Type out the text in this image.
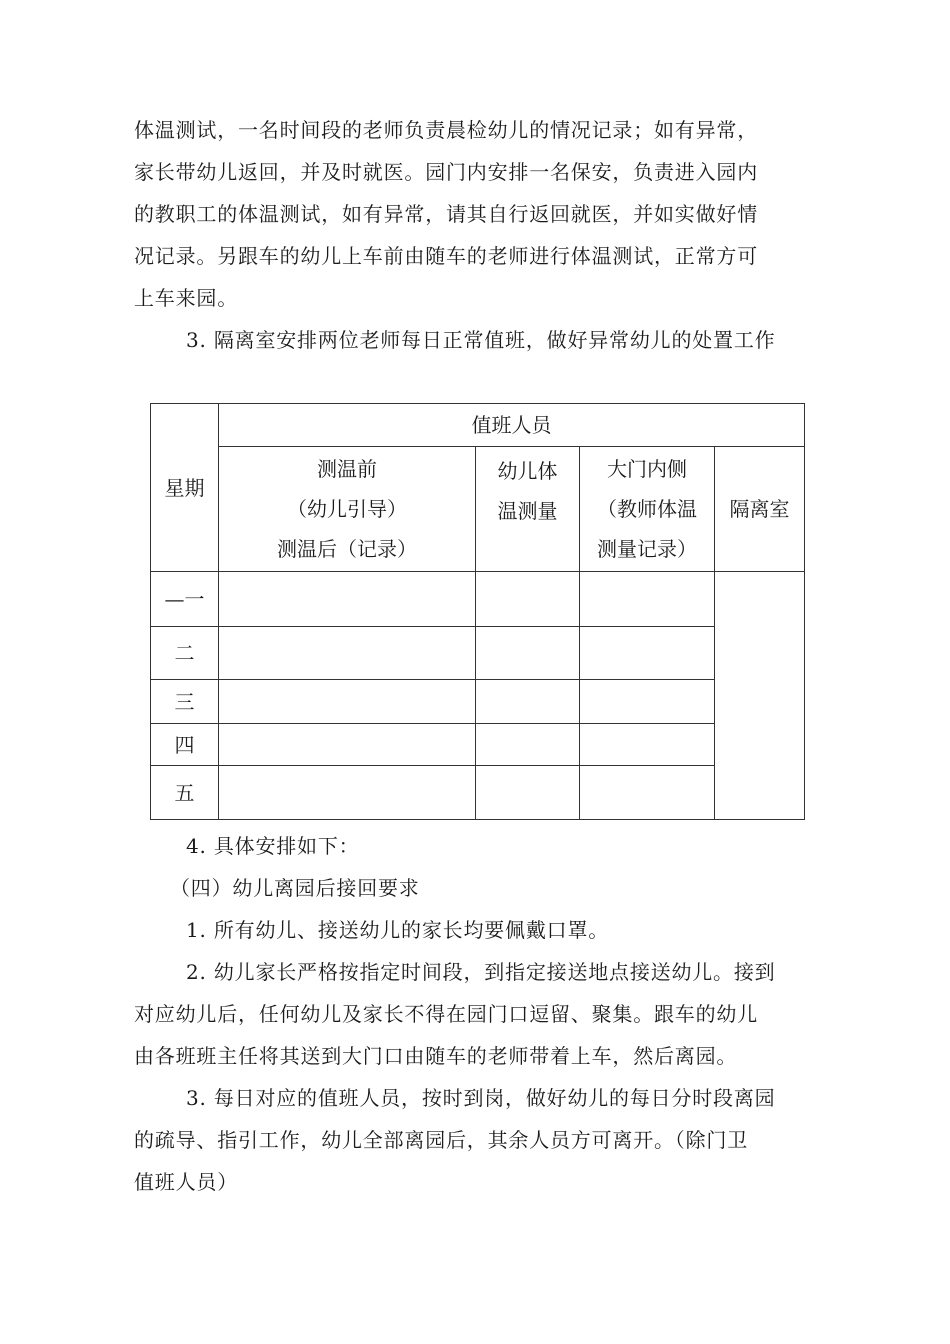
体温测试，一名时间段的老师负责晨检幼儿的情况记录；如有异常，
家长带幼儿返回，并及时就医。园门内安排一名保安，负责进入园内
的教职工的体温测试，如有异常，请其自行返回就医，并如实做好情
况记录。另跟车的幼儿上车前由随车的老师进行体温测试，正常方可
上车来园。
3. 隔离室安排两位老师每日正常值班，做好异常幼儿的处置工作
星期	值班人员			

	测温前
（幼儿引导）
测温后（记录）	幼儿体
温测量	大门内侧
（教师体温
测量记录）	隔离室
—一				
二				
三				
四				
五				
4. 具体安排如下：
（四）幼儿离园后接回要求
1. 所有幼儿、接送幼儿的家长均要佩戴口罩。
2. 幼儿家长严格按指定时间段，到指定接送地点接送幼儿。接到
对应幼儿后，任何幼儿及家长不得在园门口逗留、聚集。跟车的幼儿
由各班班主任将其送到大门口由随车的老师带着上车，然后离园。
3. 每日对应的值班人员，按时到岗，做好幼儿的每日分时段离园
的疏导、指引工作，幼儿全部离园后，其余人员方可离开。（除门卫
值班人员）
